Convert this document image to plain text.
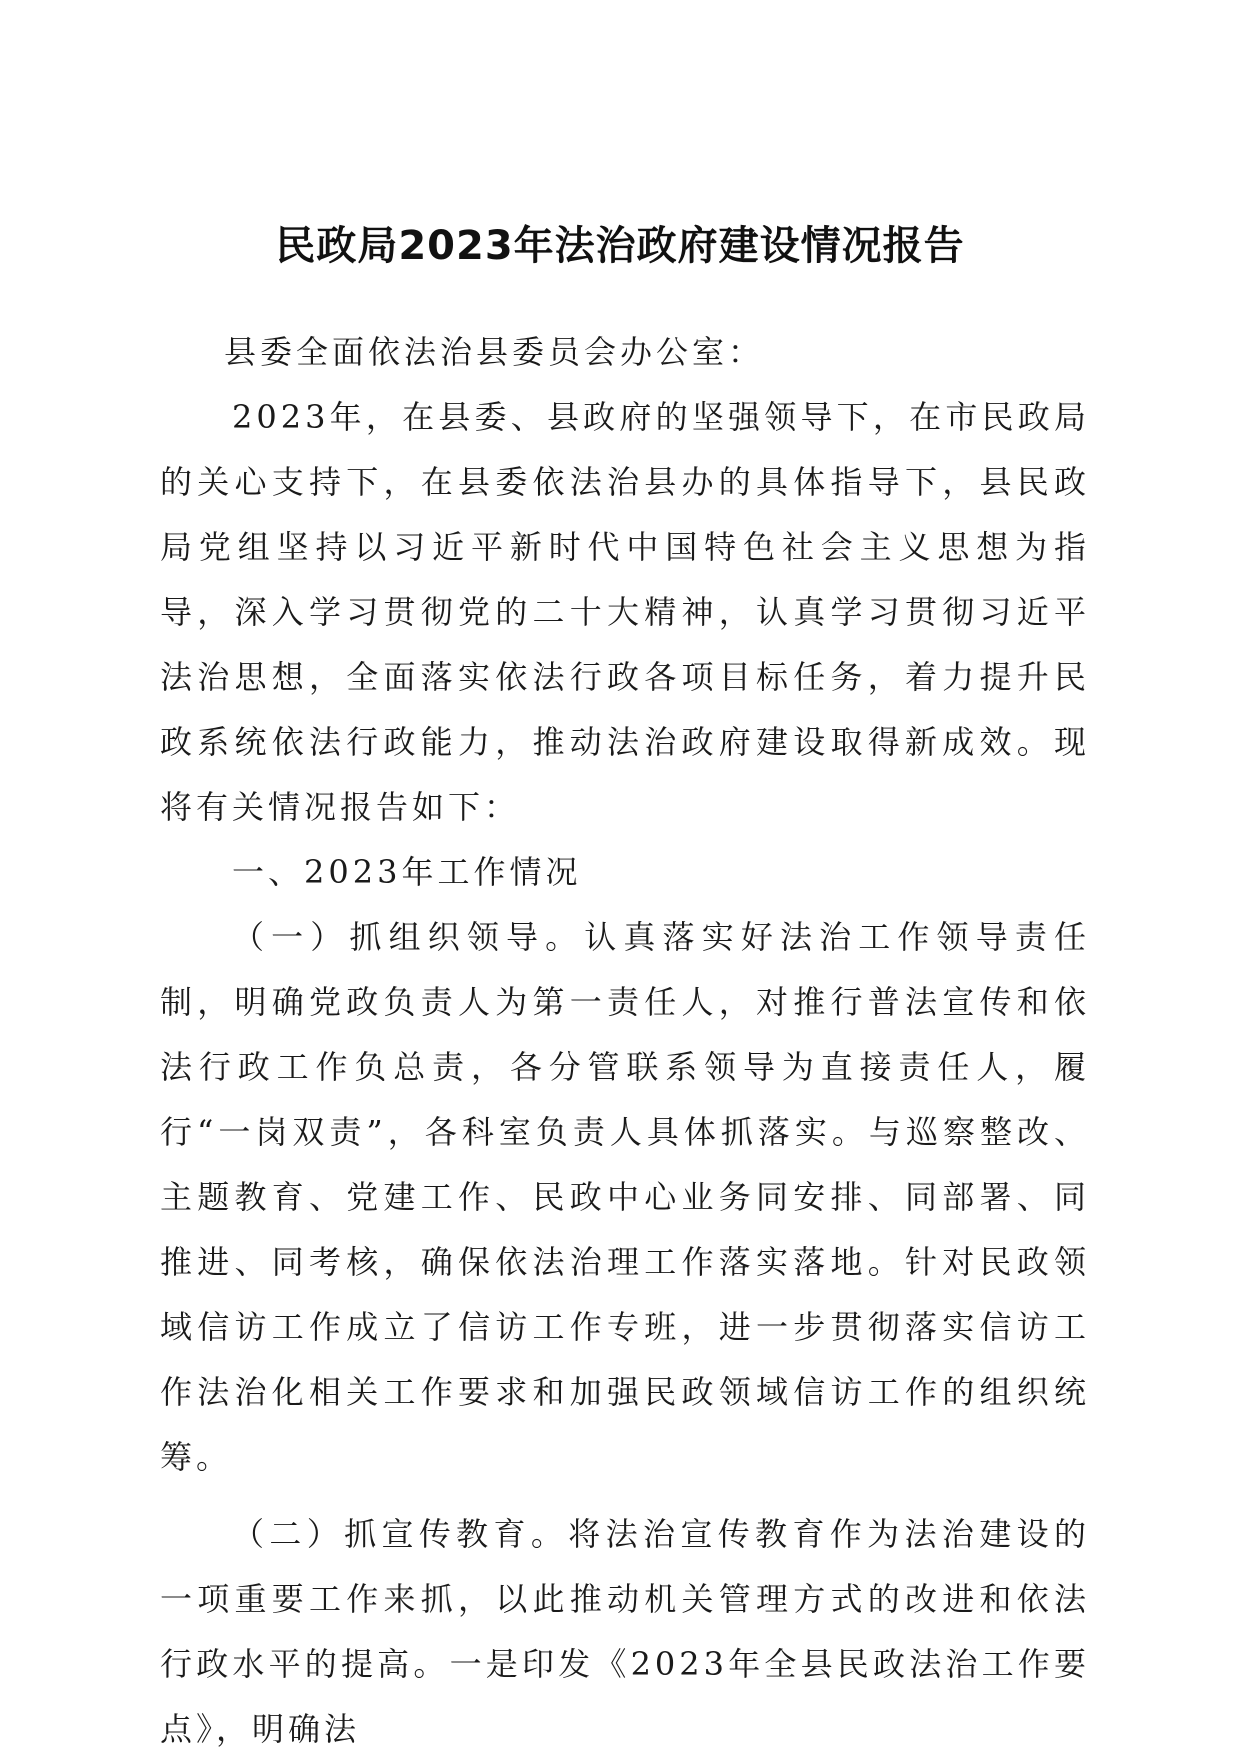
民政局2023年法治政府建设情况报告

县委全面依法治县委员会办公室：

2023年，在县委、县政府的坚强领导下，在市民政局的关心支持下，在县委依法治县办的具体指导下，县民政局党组坚持以习近平新时代中国特色社会主义思想为指导，深入学习贯彻党的二十大精神，认真学习贯彻习近平法治思想，全面落实依法行政各项目标任务，着力提升民政系统依法行政能力，推动法治政府建设取得新成效。现将有关情况报告如下：

一、2023年工作情况

（一）抓组织领导。认真落实好法治工作领导责任制，明确党政负责人为第一责任人，对推行普法宣传和依法行政工作负总责，各分管联系领导为直接责任人，履行“一岗双责”，各科室负责人具体抓落实。与巡察整改、主题教育、党建工作、民政中心业务同安排、同部署、同推进、同考核，确保依法治理工作落实落地。针对民政领域信访工作成立了信访工作专班，进一步贯彻落实信访工作法治化相关工作要求和加强民政领域信访工作的组织统筹。

（二）抓宣传教育。将法治宣传教育作为法治建设的一项重要工作来抓，以此推动机关管理方式的改进和依法行政水平的提高。一是印发《2023年全县民政法治工作要点》，明确法
